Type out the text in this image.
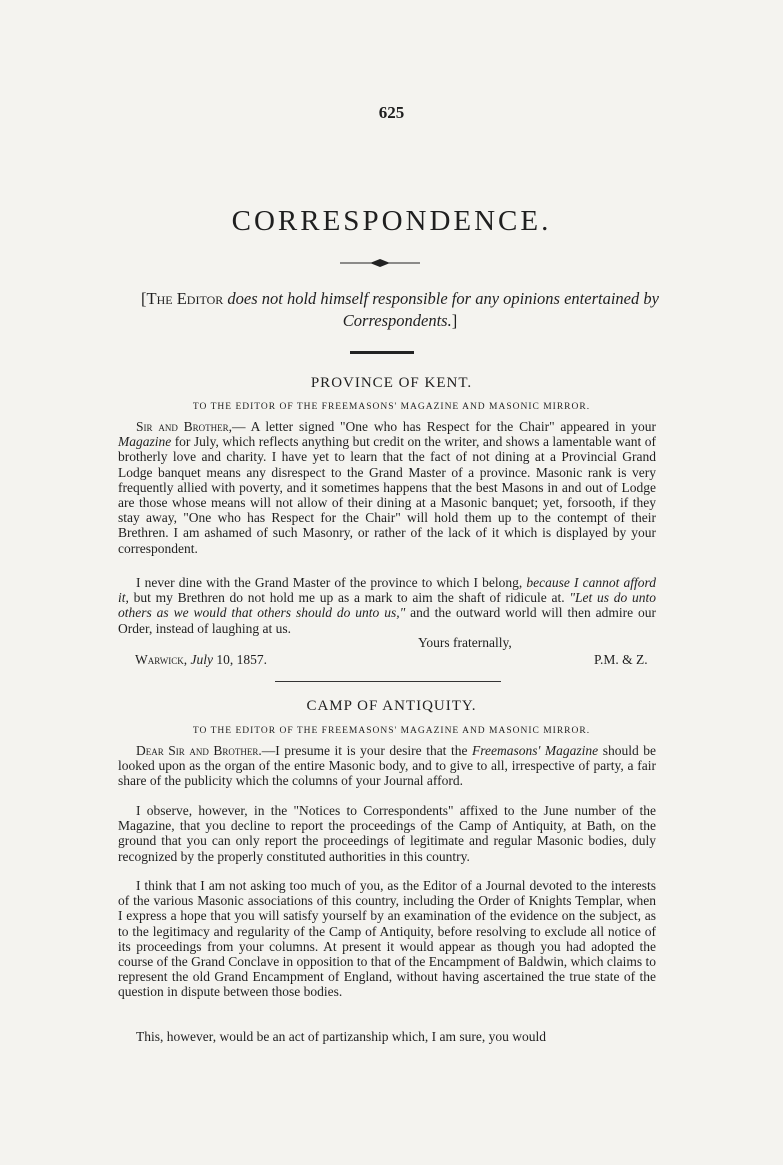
625
CORRESPONDENCE.
[The Editor does not hold himself responsible for any opinions entertained by Correspondents.]
PROVINCE OF KENT.
TO THE EDITOR OF THE FREEMASONS' MAGAZINE AND MASONIC MIRROR.

Sir and Brother,— A letter signed "One who has Respect for the Chair" appeared in your Magazine for July, which reflects anything but credit on the writer, and shows a lamentable want of brotherly love and charity. I have yet to learn that the fact of not dining at a Provincial Grand Lodge banquet means any disrespect to the Grand Master of a province. Masonic rank is very frequently allied with poverty, and it sometimes happens that the best Masons in and out of Lodge are those whose means will not allow of their dining at a Masonic banquet; yet, forsooth, if they stay away, "One who has Respect for the Chair" will hold them up to the contempt of their Brethren. I am ashamed of such Masonry, or rather of the lack of it which is displayed by your correspondent.

I never dine with the Grand Master of the province to which I belong, because I cannot afford it, but my Brethren do not hold me up as a mark to aim the shaft of ridicule at. "Let us do unto others as we would that others should do unto us," and the outward world will then admire our Order, instead of laughing at us.

Yours fraternally,
Warwick, July 10, 1857.	P.M. & Z.
CAMP OF ANTIQUITY.
TO THE EDITOR OF THE FREEMASONS' MAGAZINE AND MASONIC MIRROR.

Dear Sir and Brother.—I presume it is your desire that the Freemasons' Magazine should be looked upon as the organ of the entire Masonic body, and to give to all, irrespective of party, a fair share of the publicity which the columns of your Journal afford.

I observe, however, in the "Notices to Correspondents" affixed to the June number of the Magazine, that you decline to report the proceedings of the Camp of Antiquity, at Bath, on the ground that you can only report the proceedings of legitimate and regular Masonic bodies, duly recognized by the properly constituted authorities in this country.

I think that I am not asking too much of you, as the Editor of a Journal devoted to the interests of the various Masonic associations of this country, including the Order of Knights Templar, when I express a hope that you will satisfy yourself by an examination of the evidence on the subject, as to the legitimacy and regularity of the Camp of Antiquity, before resolving to exclude all notice of its proceedings from your columns. At present it would appear as though you had adopted the course of the Grand Conclave in opposition to that of the Encampment of Baldwin, which claims to represent the old Grand Encampment of England, without having ascertained the true state of the question in dispute between those bodies.

This, however, would be an act of partizanship which, I am sure, you would
